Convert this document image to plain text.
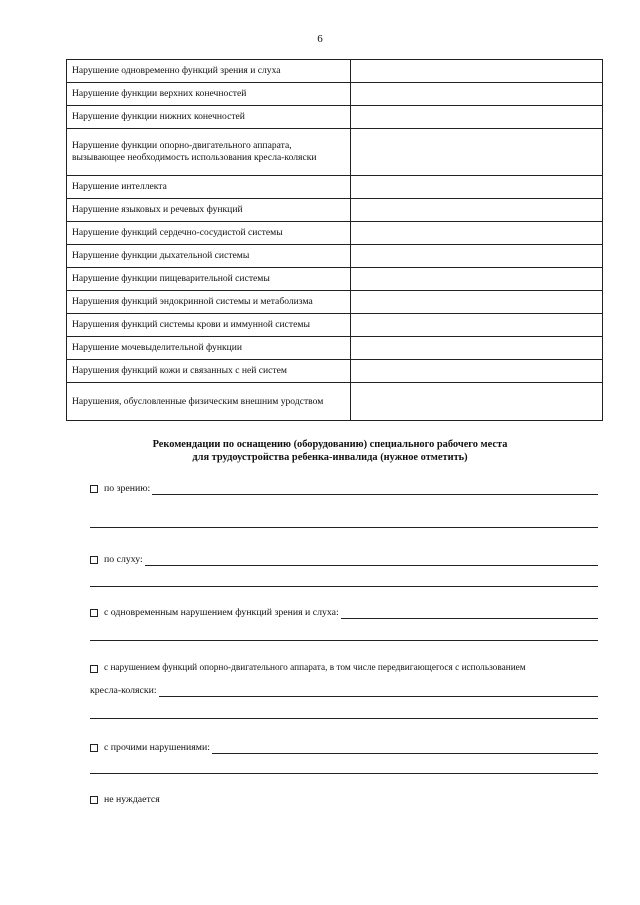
6
Нарушение одновременно функций зрения и слуха	
Нарушение функции верхних конечностей	
Нарушение функции нижних конечностей	
Нарушение функции опорно-двигательного аппарата, вызывающее необходимость использования кресла-коляски	
Нарушение интеллекта	
Нарушение языковых и речевых функций	
Нарушение функций сердечно-сосудистой системы	
Нарушение функции дыхательной системы	
Нарушение функции пищеварительной системы	
Нарушения функций эндокринной системы и метаболизма	
Нарушения функций системы крови и иммунной системы	
Нарушение мочевыделительной функции	
Нарушения функций кожи и связанных с ней систем	
Нарушения, обусловленные физическим внешним уродством	
Рекомендации по оснащению (оборудованию) специального рабочего места
для трудоустройства ребенка-инвалида (нужное отметить)
по зрению:
по слуху:
с одновременным нарушением функций зрения и слуха:
с нарушением функций опорно-двигательного аппарата, в том числе передвигающегося с использованием
кресла-коляски:
с прочими нарушениями:
не нуждается
